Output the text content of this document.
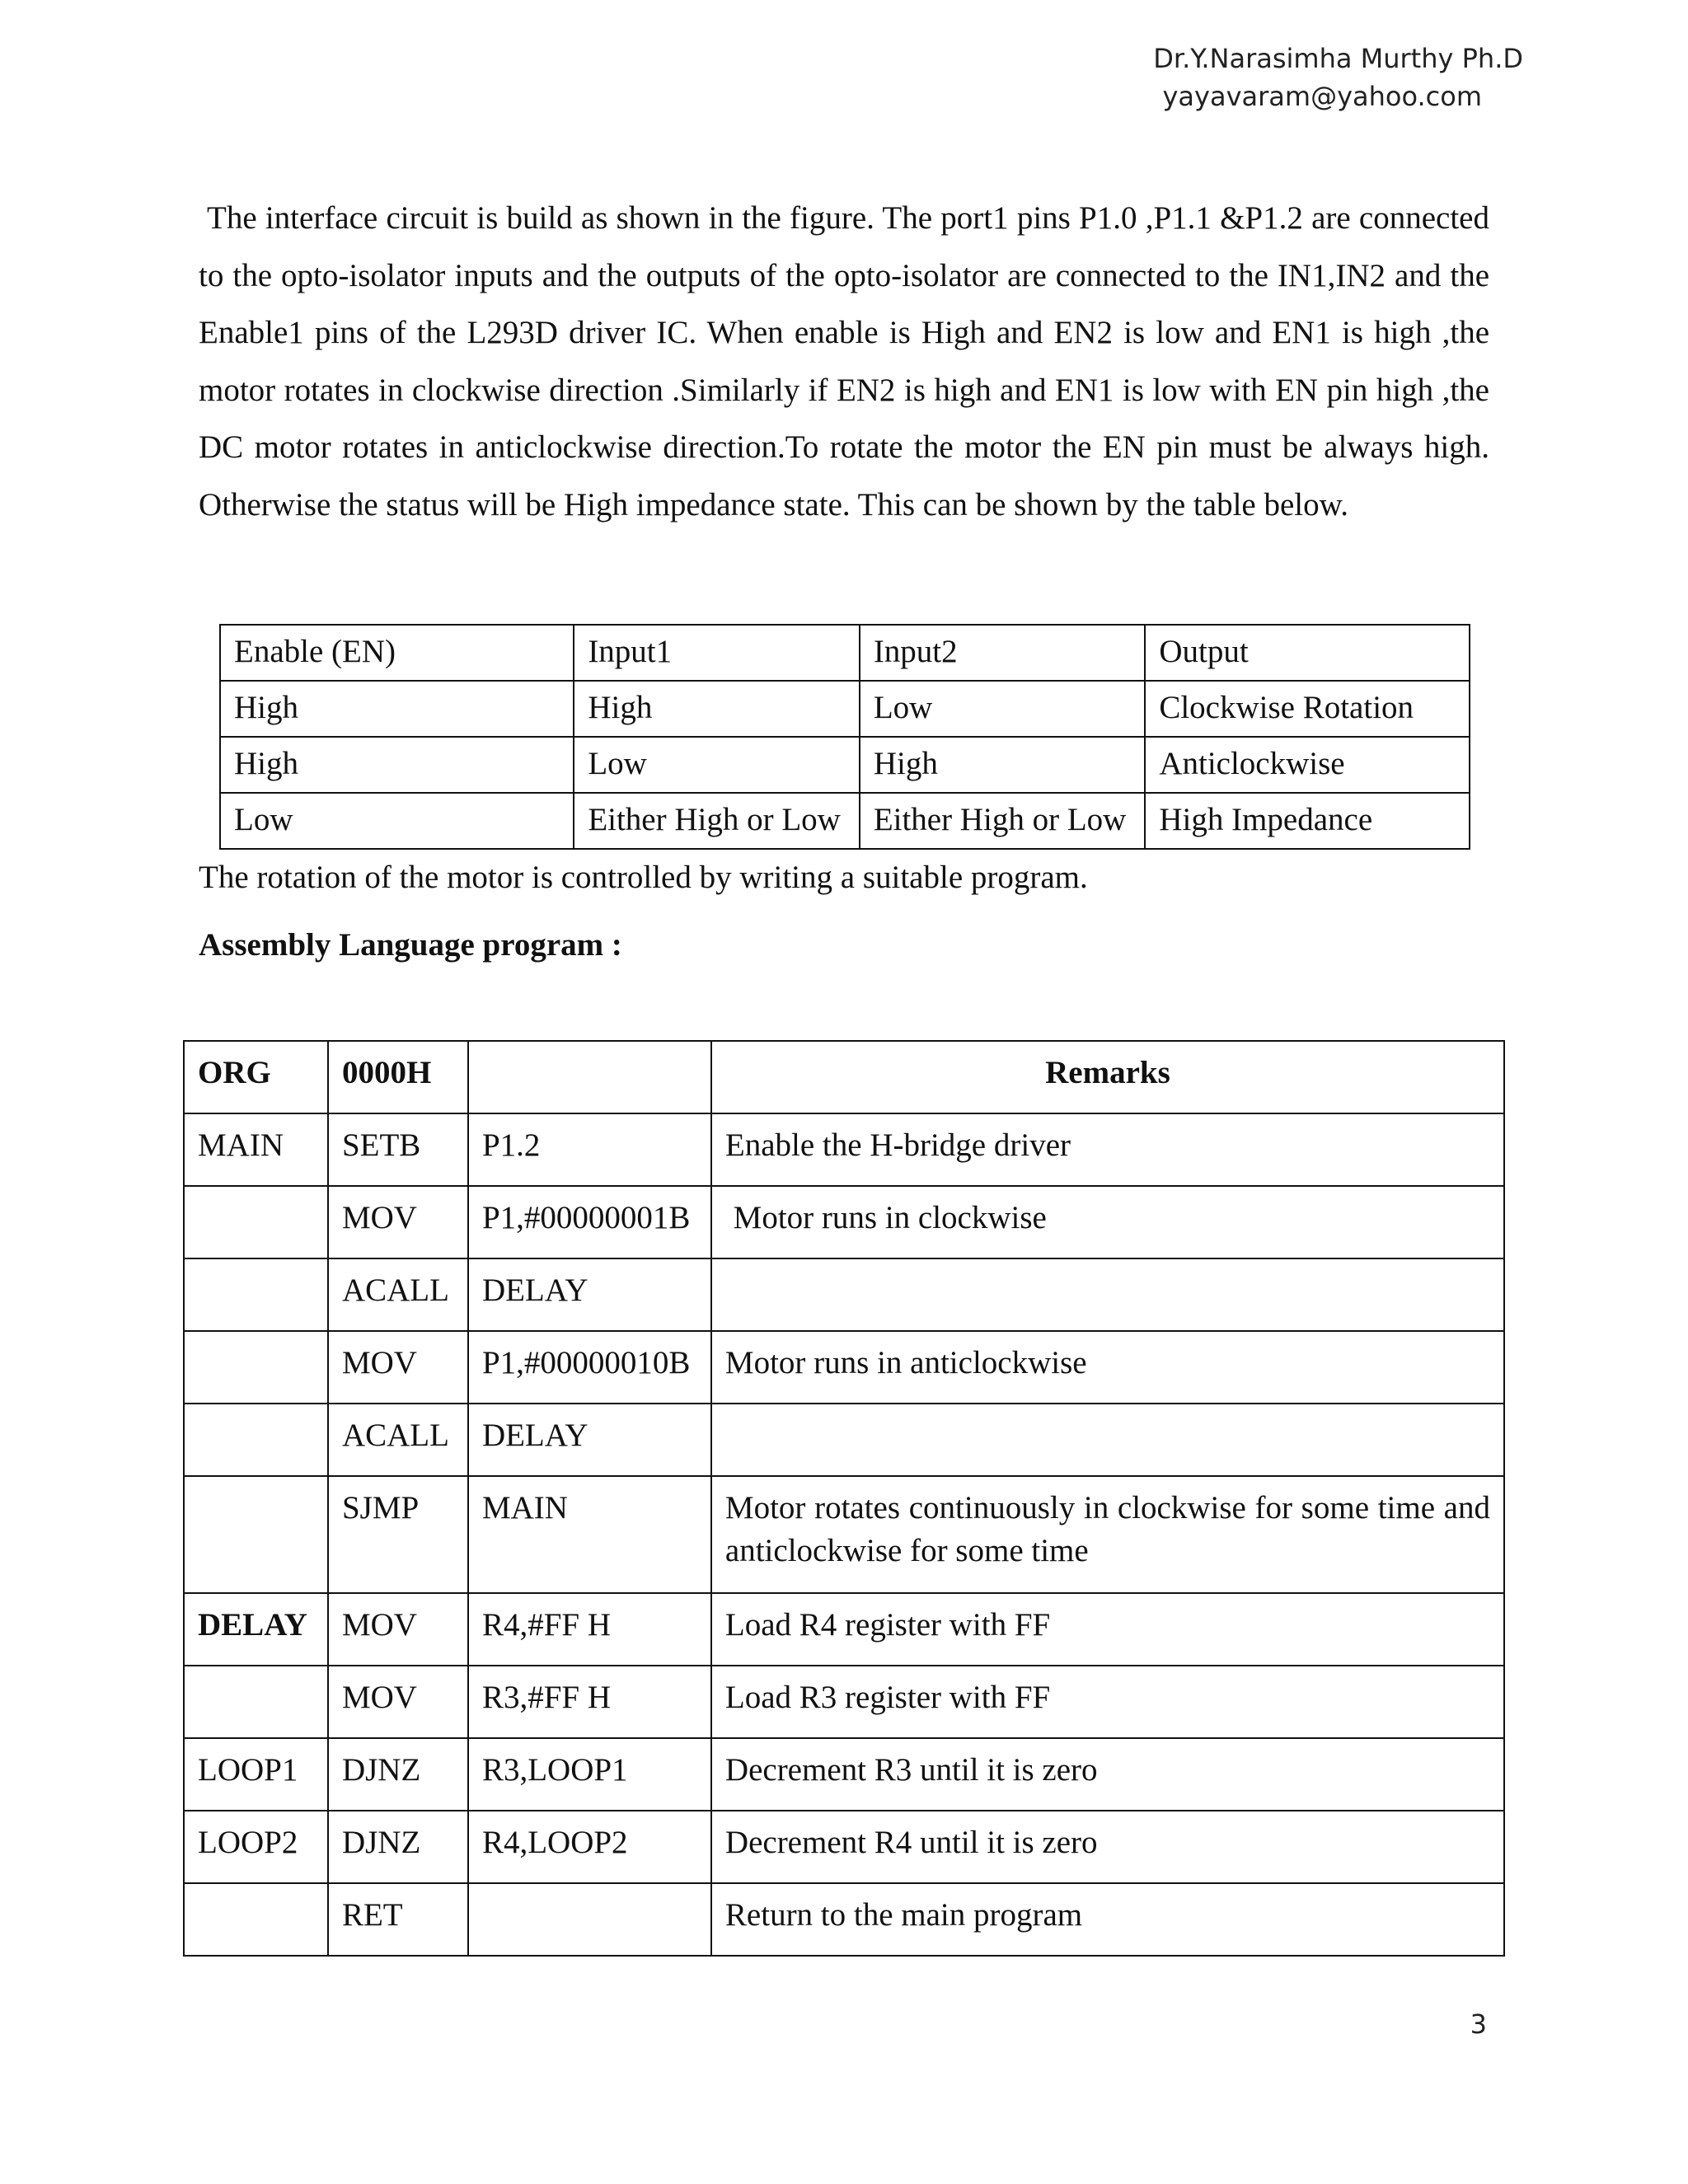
Dr.Y.Narasimha Murthy Ph.D
yayavaram@yahoo.com

The interface circuit is build as shown in the figure. The port1 pins P1.0 ,P1.1 &P1.2 are connected to the opto-isolator inputs and the outputs of the opto-isolator are connected to the IN1,IN2 and the Enable1 pins of the L293D driver IC. When enable is High and EN2 is low and EN1 is high ,the motor rotates in clockwise direction .Similarly if EN2 is high and EN1 is low with EN pin high ,the DC motor rotates in anticlockwise direction.To rotate the motor the EN pin must be always high. Otherwise the status will be High impedance state. This can be shown by the table below.

Enable (EN)	Input1	Input2	Output
High	High	Low	Clockwise Rotation
High	Low	High	Anticlockwise
Low	Either High or Low	Either High or Low	High Impedance

The rotation of the motor is controlled by writing a suitable program.

Assembly Language program :

ORG	0000H		Remarks
MAIN	SETB	P1.2	Enable the H-bridge driver
	MOV	P1,#00000001B	Motor runs in clockwise
	ACALL	DELAY	
	MOV	P1,#00000010B	Motor runs in anticlockwise
	ACALL	DELAY	
	SJMP	MAIN	Motor rotates continuously in clockwise for some time and anticlockwise for some time
DELAY	MOV	R4,#FF H	Load R4 register with FF
	MOV	R3,#FF H	Load R3 register with FF
LOOP1	DJNZ	R3,LOOP1	Decrement R3 until it is zero
LOOP2	DJNZ	R4,LOOP2	Decrement R4 until it is zero
	RET		Return to the main program
3
